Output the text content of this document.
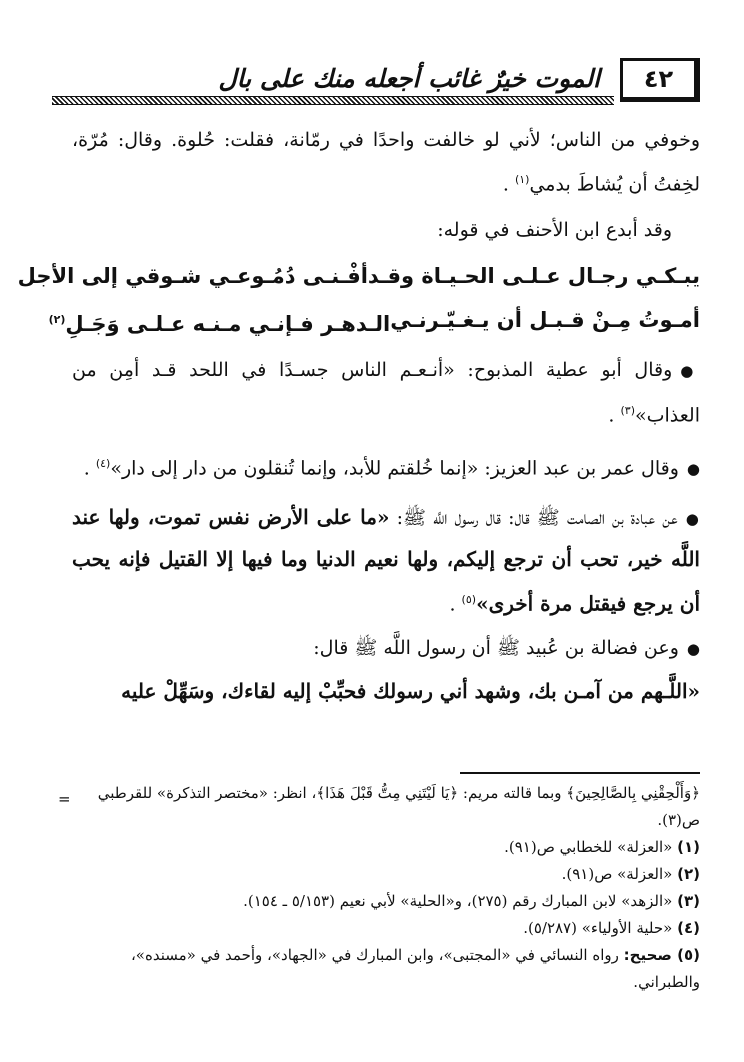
٤٢
الموت خيرٌ غائب أجعله منك على بال

وخوفي من الناس؛ لأني لو خالفت واحدًا في رمّانة، فقلت: حُلوة. وقال: مُرّة، لخِفتُ أن يُشاطَ بدمي$^{(١)}$ .

وقد أبدع ابن الأحنف في قوله:

يبـكـي رجـال عـلـى الحـيـاة وقـد
أفْـنـى دُمُـوعـي شـوقي إلى الأجل
أمـوتُ مِـنْ قـبـل أن يـغـيّـرنـي
الـدهـر فـإنـي مـنـه عـلـى وَجَـلِ$^{(٢)}$

●وقال أبو عطية المذبوح: «أنـعـم الناس جسـدًا في اللحد قـد أمِن من العذاب»$^{(٣)}$ .

●وقال عمر بن عبد العزيز: «إنما خُلقتم للأبد، وإنما تُنقلون من دار إلى دار»$^{(٤)}$ .

●عن عبادة بن الصامت ﷺ قال: قال رسول اللَّه ﷺ: «ما على الأرض نفس تموت، ولها عند اللَّه خير، تحب أن ترجع إليكم، ولها نعيم الدنيا وما فيها إلا القتيل فإنه يحب أن يرجع فيقتل مرة أخرى»$^{(٥)}$ .

●وعن فضالة بن عُبيد ﷺ أن رسول اللَّه ﷺ قال:

«اللَّـهم من آمـن بك، وشهد أني رسولك فحبِّبْ إليه لقاءك، وسَهِّلْ عليه

=	﴿وَأَلْحِقْنِي بِالصَّالِحِينَ﴾ وبما قالته مريم: ﴿يَا لَيْتَنِي مِتُّ قَبْلَ هَذَا﴾، انظر: «مختصر التذكرة» للقرطبي ص(٣).

(١) «العزلة» للخطابي ص(٩١).

(٢) «العزلة» ص(٩١).

(٣) «الزهد» لابن المبارك رقم (٢٧٥)، و«الحلية» لأبي نعيم (٥/١٥٣ ـ ١٥٤).

(٤) «حلية الأولياء» (٥/٢٨٧).

(٥) صحيح: رواه النسائي في «المجتبى»، وابن المبارك في «الجهاد»، وأحمد في «مسنده»، والطبراني.
